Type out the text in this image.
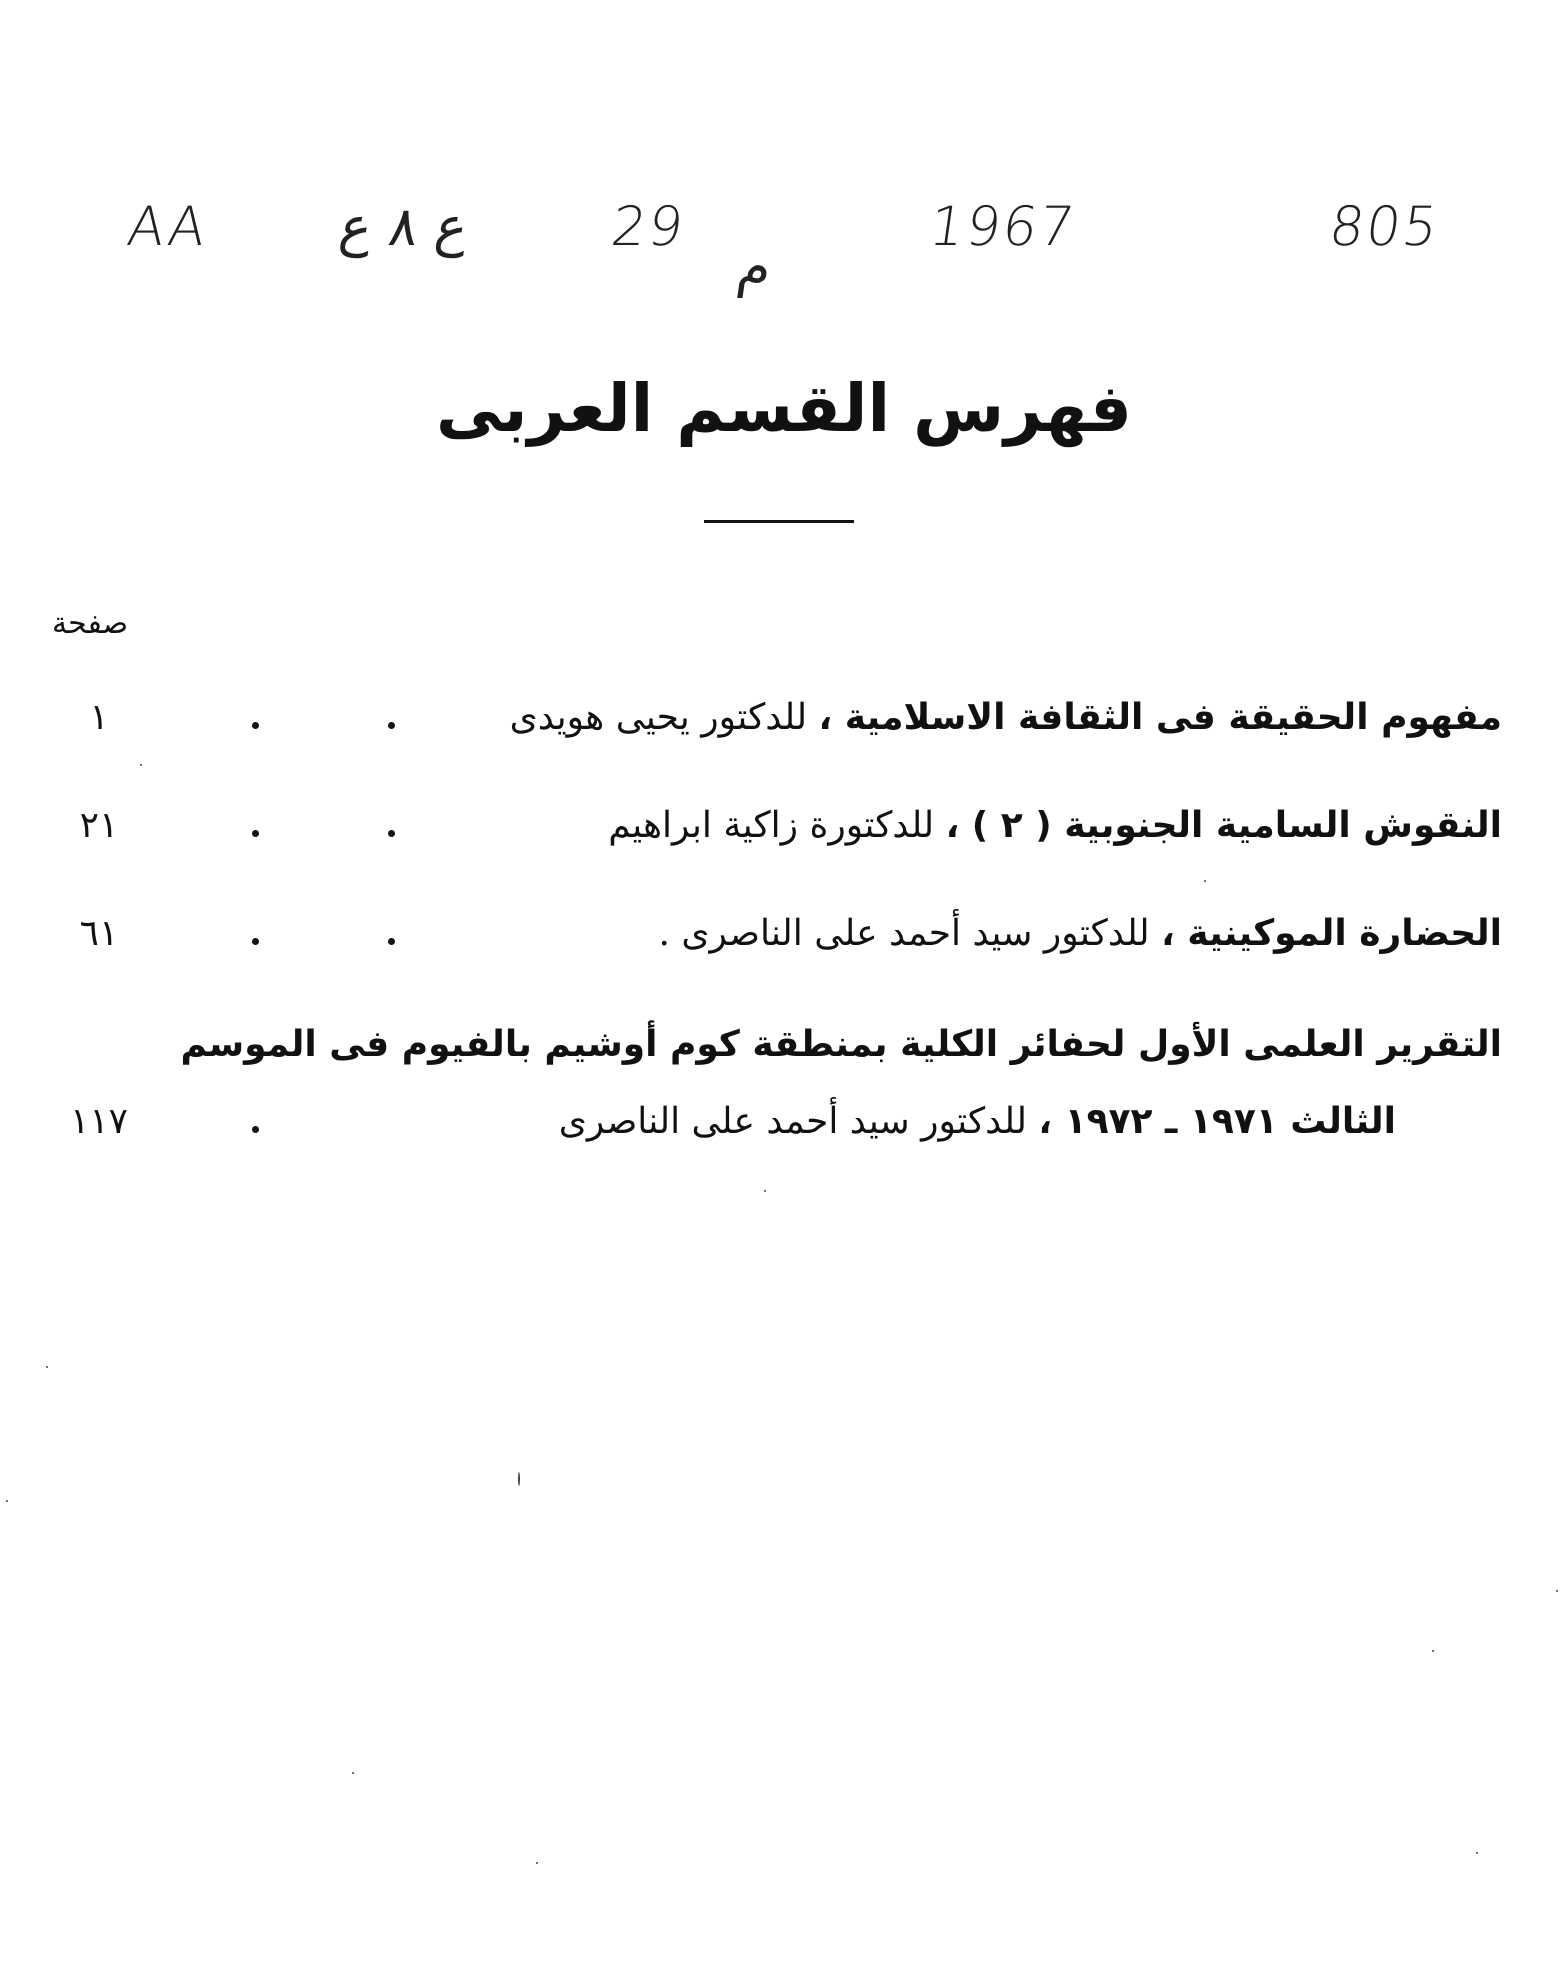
AA ع ٨ ع	29
م
1967	805
فهرس القسم العربى
صفحة
مفهوم الحقيقة فى الثقافة الاسلامية ، للدكتور يحيى هويدى
١
النقوش السامية الجنوبية ( ٢ ) ، للدكتورة زاكية ابراهيم
٢١
الحضارة الموكينية ، للدكتور سيد أحمد على الناصرى .
٦١
التقرير العلمى الأول لحفائر الكلية بمنطقة كوم أوشيم بالفيوم فى الموسم
الثالث ١٩٧١ ـ ١٩٧٢ ، للدكتور سيد أحمد على الناصرى
١١٧
